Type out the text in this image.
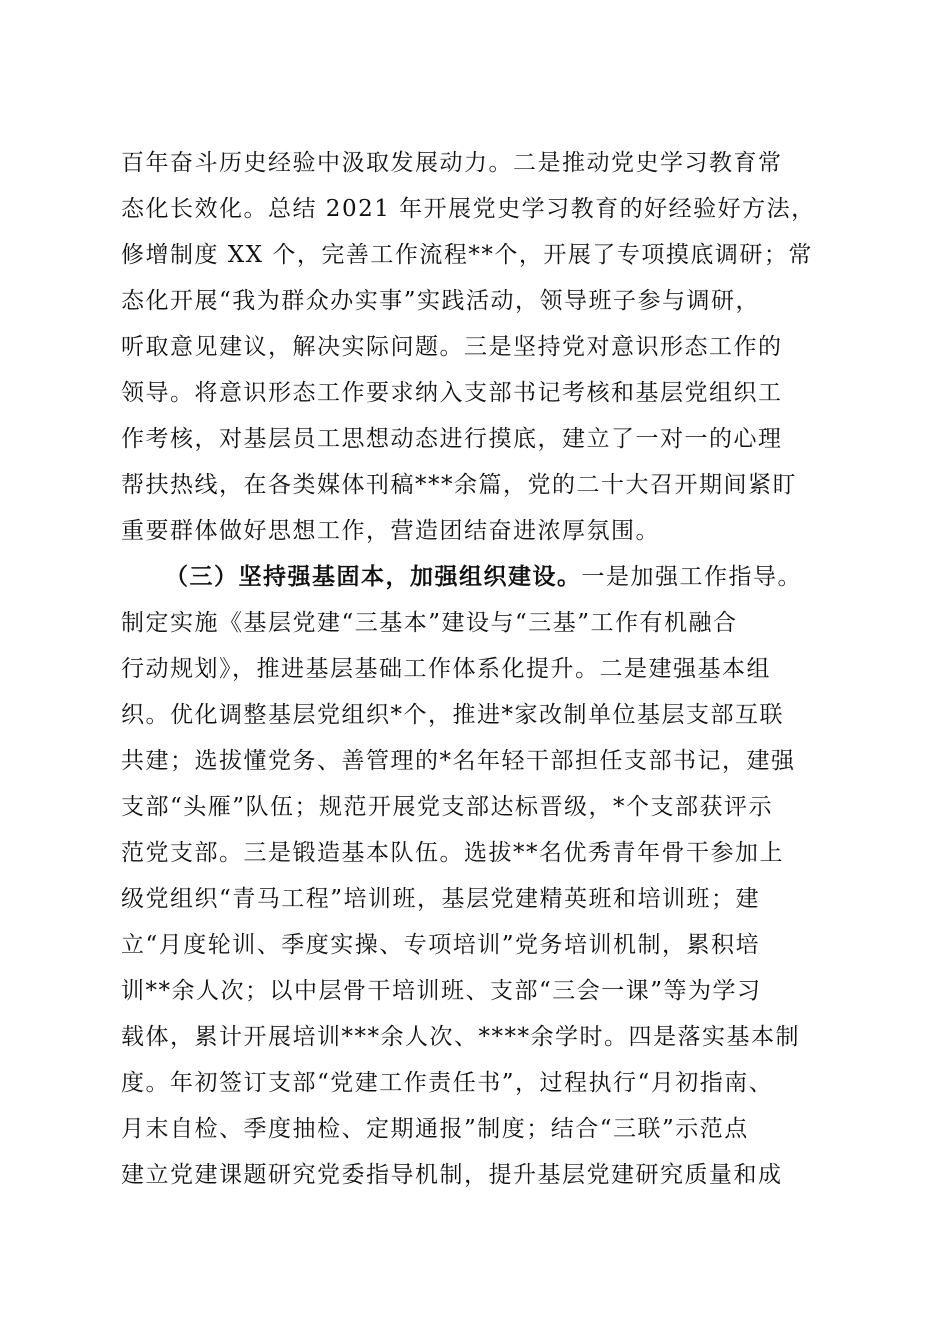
百年奋斗历史经验中汲取发展动力。二是推动党史学习教育常
态化长效化。总结 2021 年开展党史学习教育的好经验好方法，
修增制度 XX 个，完善工作流程**个，开展了专项摸底调研；常
态化开展“我为群众办实事”实践活动，领导班子参与调研，
听取意见建议，解决实际问题。三是坚持党对意识形态工作的
领导。将意识形态工作要求纳入支部书记考核和基层党组织工
作考核，对基层员工思想动态进行摸底，建立了一对一的心理
帮扶热线，在各类媒体刊稿***余篇，党的二十大召开期间紧盯
重要群体做好思想工作，营造团结奋进浓厚氛围。
（三）坚持强基固本，加强组织建设。一是加强工作指导。
制定实施《基层党建“三基本”建设与“三基”工作有机融合
行动规划》，推进基层基础工作体系化提升。二是建强基本组
织。优化调整基层党组织*个，推进*家改制单位基层支部互联
共建；选拔懂党务、善管理的*名年轻干部担任支部书记，建强
支部“头雁”队伍；规范开展党支部达标晋级，*个支部获评示
范党支部。三是锻造基本队伍。选拔**名优秀青年骨干参加上
级党组织“青马工程”培训班，基层党建精英班和培训班；建
立“月度轮训、季度实操、专项培训”党务培训机制，累积培
训**余人次；以中层骨干培训班、支部“三会一课”等为学习
载体，累计开展培训***余人次、****余学时。四是落实基本制
度。年初签订支部“党建工作责任书”，过程执行“月初指南、
月末自检、季度抽检、定期通报”制度；结合“三联”示范点
建立党建课题研究党委指导机制，提升基层党建研究质量和成
